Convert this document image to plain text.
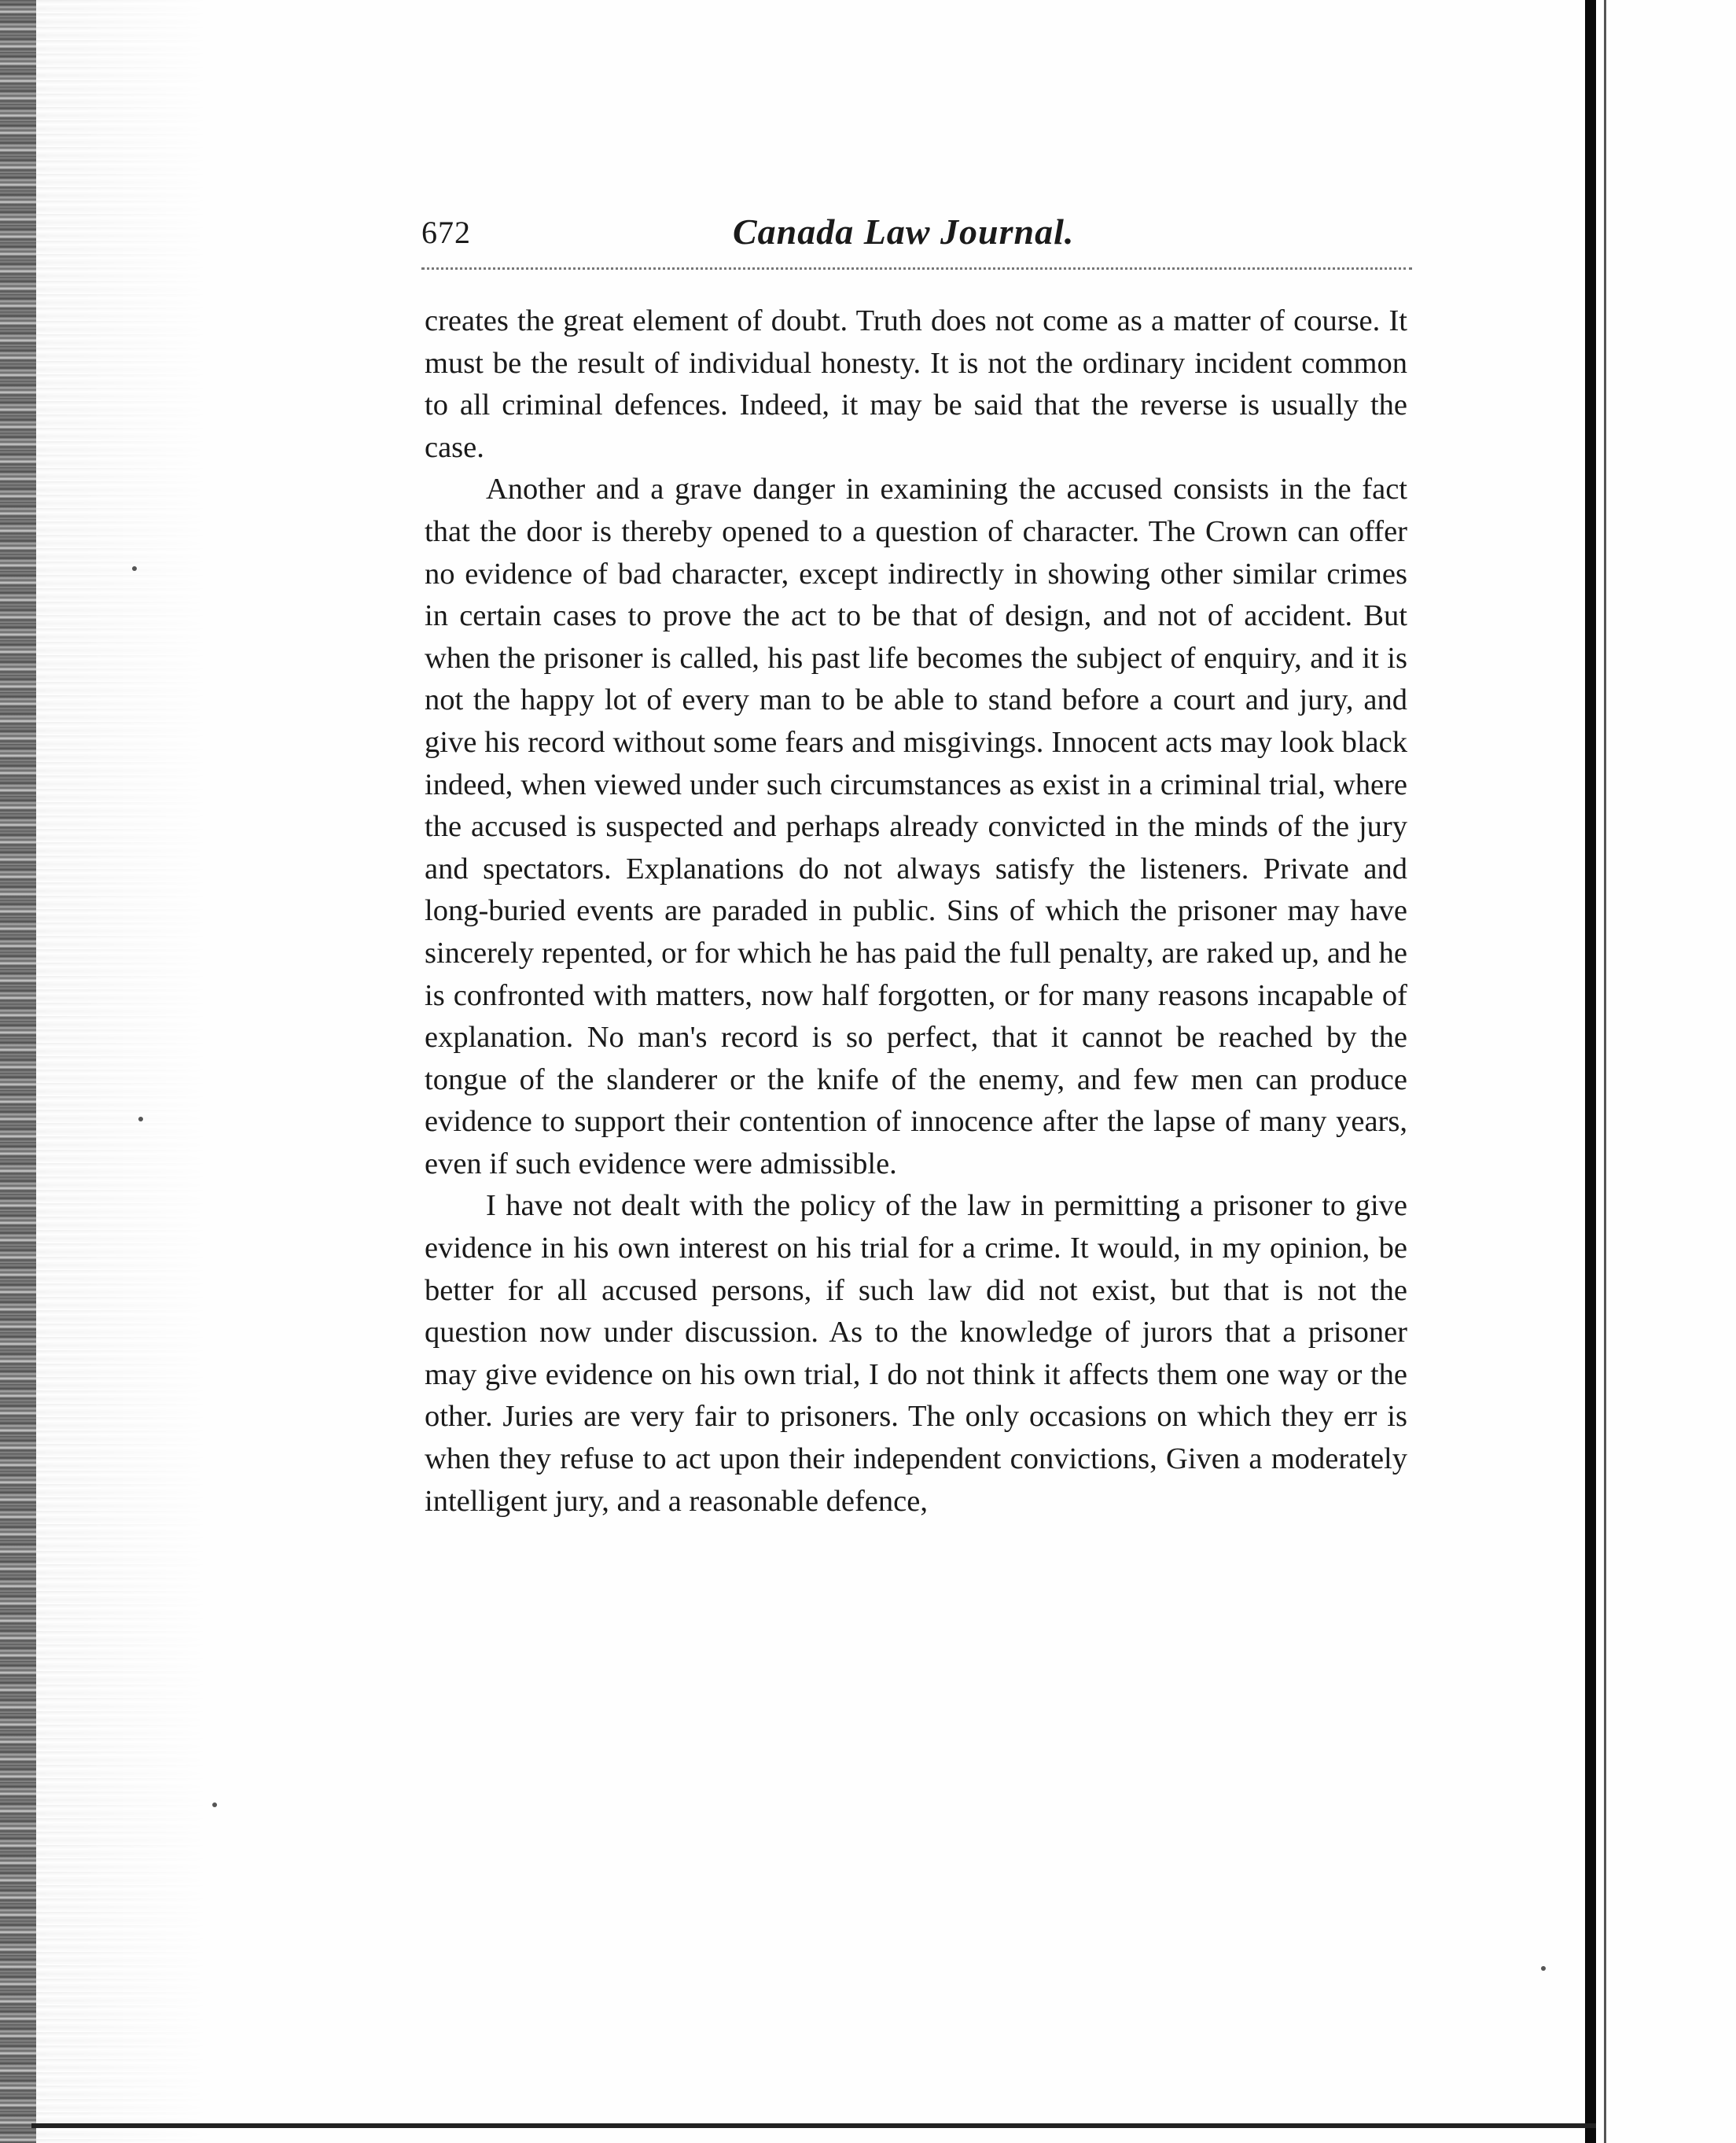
672	Canada Law Journal.

creates the great element of doubt. Truth does not come as a matter of course. It must be the result of individual honesty. It is not the ordinary incident common to all criminal defences. Indeed, it may be said that the reverse is usually the case.

Another and a grave danger in examining the accused consists in the fact that the door is thereby opened to a question of character. The Crown can offer no evidence of bad character, except indirectly in showing other similar crimes in certain cases to prove the act to be that of design, and not of accident. But when the prisoner is called, his past life becomes the subject of enquiry, and it is not the happy lot of every man to be able to stand before a court and jury, and give his record without some fears and misgivings. Innocent acts may look black indeed, when viewed under such circumstances as exist in a criminal trial, where the accused is suspected and perhaps already convicted in the minds of the jury and spectators. Explanations do not always satisfy the listeners. Private and long-buried events are paraded in public. Sins of which the prisoner may have sincerely repented, or for which he has paid the full penalty, are raked up, and he is confronted with matters, now half forgotten, or for many reasons incapable of explanation. No man's record is so perfect, that it cannot be reached by the tongue of the slanderer or the knife of the enemy, and few men can produce evidence to support their contention of innocence after the lapse of many years, even if such evidence were admissible.

I have not dealt with the policy of the law in permitting a prisoner to give evidence in his own interest on his trial for a crime. It would, in my opinion, be better for all accused persons, if such law did not exist, but that is not the question now under discussion. As to the knowledge of jurors that a prisoner may give evidence on his own trial, I do not think it affects them one way or the other. Juries are very fair to prisoners. The only occasions on which they err is when they refuse to act upon their independent convictions, Given a moderately intelligent jury, and a reasonable defence,
